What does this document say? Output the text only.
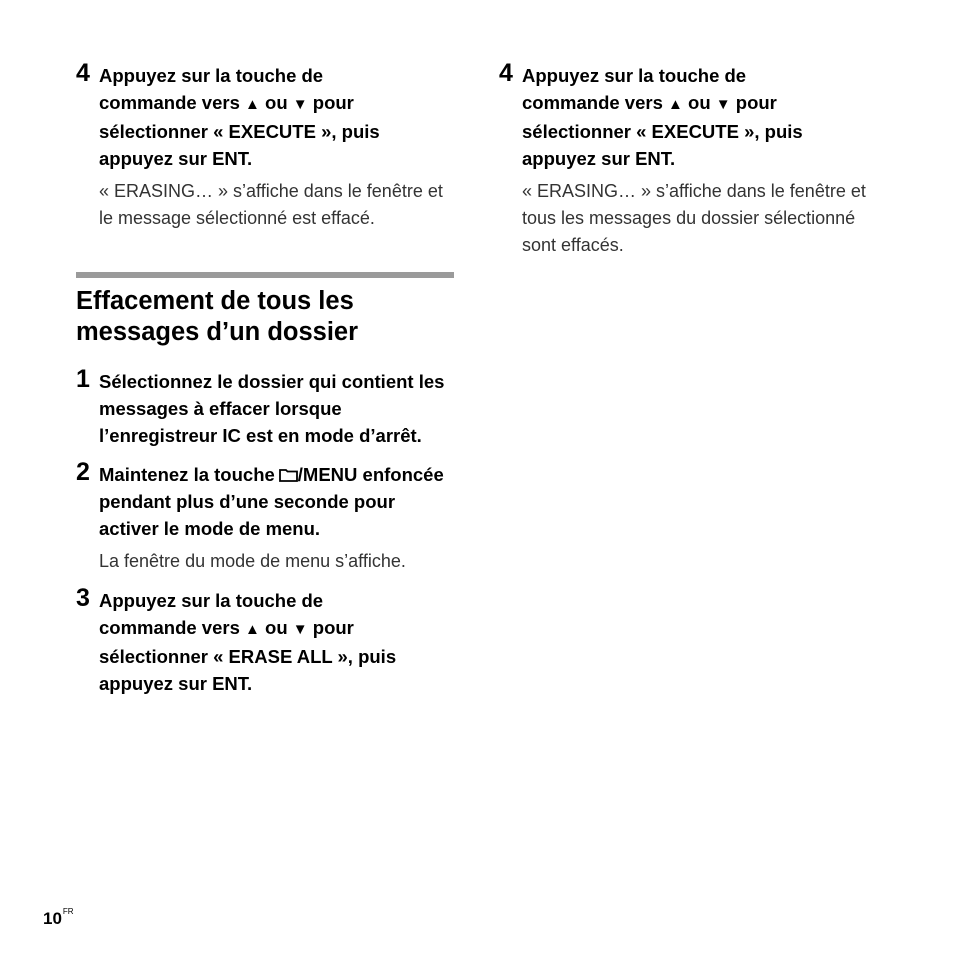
4 Appuyez sur la touche de
commande vers ▲ ou ▼ pour
sélectionner « EXECUTE », puis
appuyez sur ENT.

« ERASING… » s’affiche dans le fenêtre et le message sélectionné est effacé.

Effacement de tous les messages d’un dossier
1 Sélectionnez le dossier qui contient les messages à effacer lorsque l’enregistreur IC est en mode d’arrêt.

2 Maintenez la touche /MENU enfoncée pendant plus d’une seconde pour activer le mode de menu.

La fenêtre du mode de menu s’affiche.

3 Appuyez sur la touche de
commande vers ▲ ou ▼ pour
sélectionner « ERASE ALL », puis
appuyez sur ENT.

4 Appuyez sur la touche de
commande vers ▲ ou ▼ pour
sélectionner « EXECUTE », puis
appuyez sur ENT.

« ERASING… » s’affiche dans le fenêtre et tous les messages du dossier sélectionné sont effacés.

$10^{FR}$
